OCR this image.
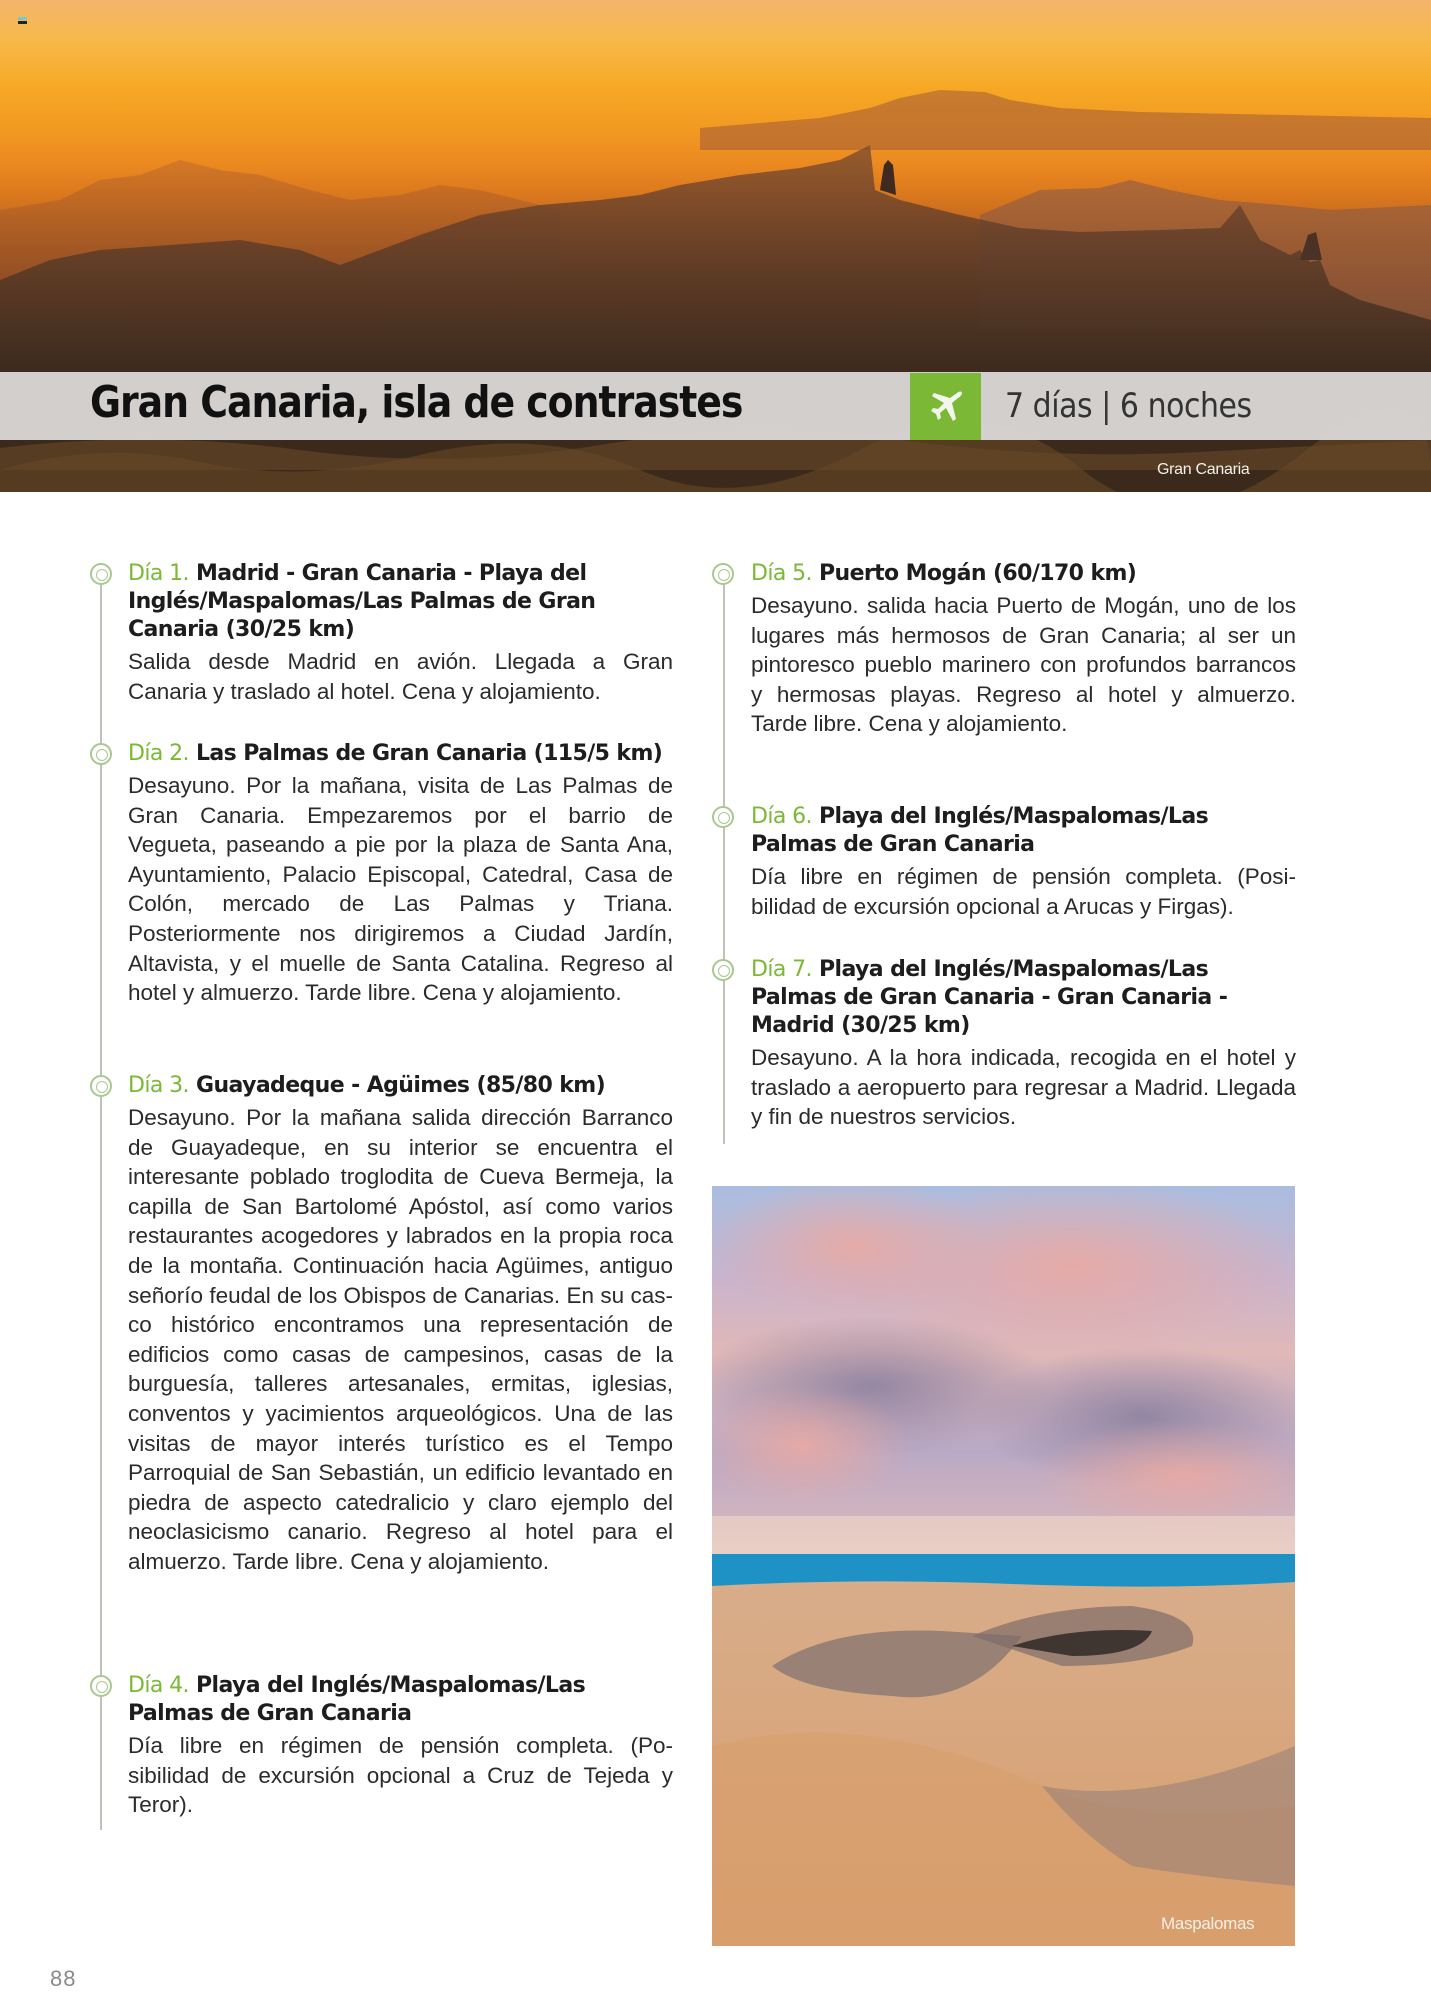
Gran Canaria, isla de contrastes	7 días | 6 noches
Gran Canaria
Día 1. Madrid - Gran Canaria - Playa del
Inglés/Maspalomas/Las Palmas de Gran
Canaria (30/25 km)
Salida desde Madrid en avión. Llegada a Gran Canaria y traslado al hotel. Cena y alojamiento.
Día 2. Las Palmas de Gran Canaria (115/5 km)
Desayuno. Por la mañana, visita de Las Palmas de Gran Canaria. Empezaremos por el barrio de Vegueta, paseando a pie por la plaza de Santa Ana, Ayuntamiento, Palacio Episcopal, Catedral, Casa de Colón, mercado de Las Palmas y Triana. Posteriormente nos dirigiremos a Ciudad Jardín, Altavista, y el muelle de Santa Catalina. Regreso al hotel y almuerzo. Tarde libre. Cena y alojamiento.
Día 3. Guayadeque - Agüimes (85/80 km)
Desayuno. Por la mañana salida dirección Barranco de Guayadeque, en su interior se encuentra el interesante poblado troglodita de Cueva Bermeja, la capilla de San Bartolomé Apóstol, así como varios restaurantes acogedores y labrados en la propia roca de la montaña. Continuación hacia Agüimes, antiguo señorío feudal de los Obispos de Canarias. En su casco histórico encontramos una representación de edificios como casas de campesinos, casas de la burguesía, talleres artesanales, ermitas, iglesias, conventos y yacimientos arqueológicos. Una de las visitas de mayor interés turístico es el Tempo Parroquial de San Sebastián, un edificio levantado en piedra de aspecto catedralicio y claro ejemplo del neoclasicismo canario. Regreso al hotel para el almuerzo. Tarde libre. Cena y alojamiento.
Día 4. Playa del Inglés/Maspalomas/Las
Palmas de Gran Canaria
Día libre en régimen de pensión completa. (Posibilidad de excursión opcional a Cruz de Tejeda y Teror).
Día 5. Puerto Mogán (60/170 km)
Desayuno. salida hacia Puerto de Mogán, uno de los lugares más hermosos de Gran Canaria; al ser un pintoresco pueblo marinero con profundos barrancos y hermosas playas. Regreso al hotel y almuerzo. Tarde libre. Cena y alojamiento.
Día 6. Playa del Inglés/Maspalomas/Las
Palmas de Gran Canaria
Día libre en régimen de pensión completa. (Posibilidad de excursión opcional a Arucas y Firgas).
Día 7. Playa del Inglés/Maspalomas/Las
Palmas de Gran Canaria - Gran Canaria -
Madrid (30/25 km)
Desayuno. A la hora indicada, recogida en el hotel y traslado a aeropuerto para regresar a Madrid. Llegada y fin de nuestros servicios.
Maspalomas
88
